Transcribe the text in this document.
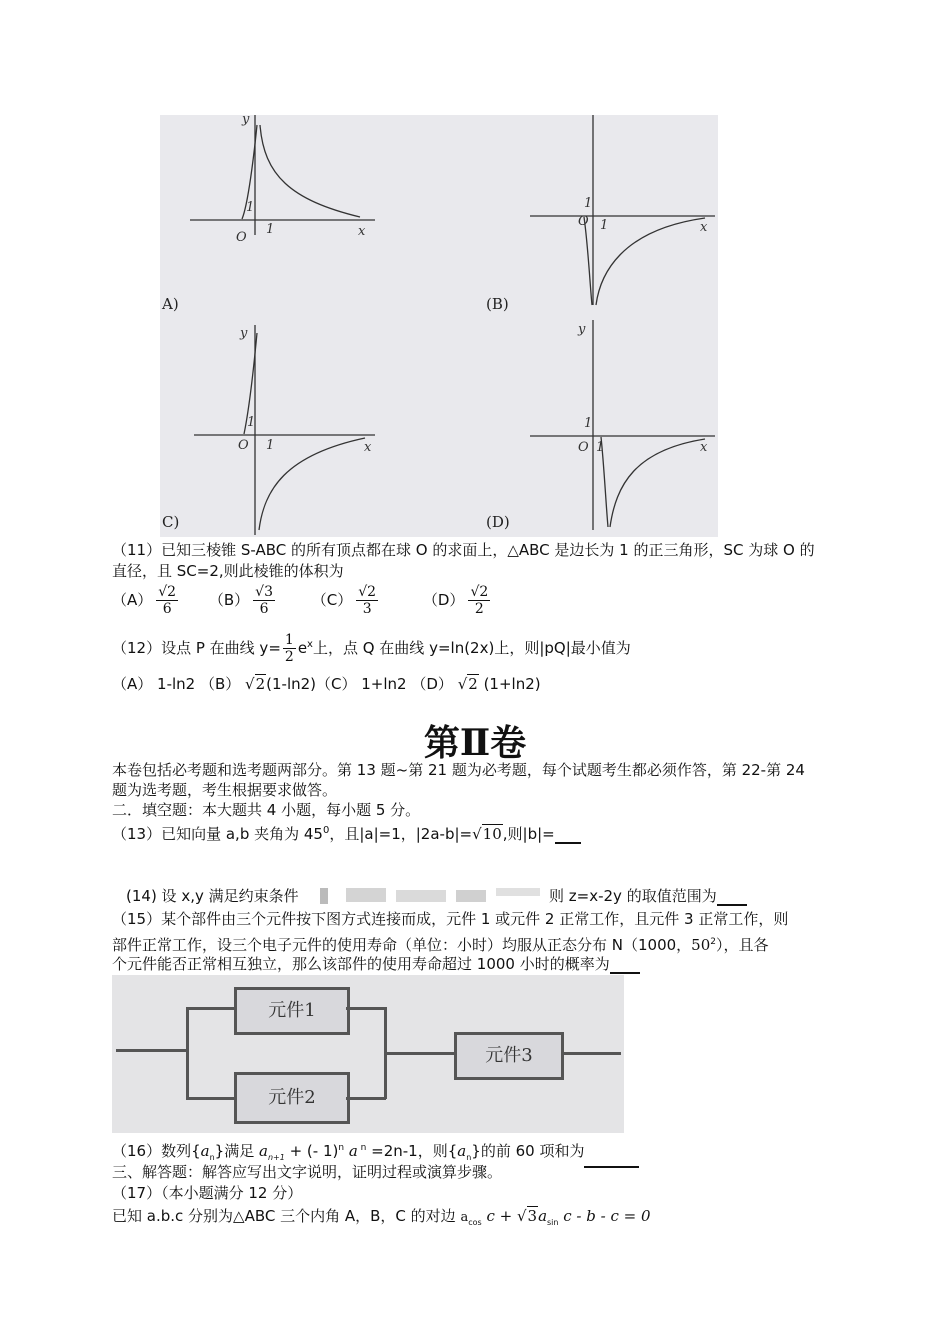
O
1
1
x
y
O 1
1
x
O 1
1
x
y
O 1
1
x
y
A)	(B)
C)	(D)
（11）已知三棱锥 S-ABC 的所有顶点都在球 O 的求面上，△ABC 是边长为 1 的正三角形，SC 为球 O 的
直径，且 SC=2,则此棱锥的体积为
$(A) \frac{√2}{6} (B) \frac{√3}{6} (C) \frac{√2}{3}$	$(D) \frac{√2}{2}$
（12）设点 P 在曲线 $y= \frac{1}{2} e^x$上，点 Q 在曲线 y=ln(2x)上，则|pQ|最小值为
（A） 1-ln2 （B） √2(1-ln2)（C） 1+ln2 （D） √2 (1+ln2)
第Ⅱ卷
本卷包括必考题和选考题两部分。第 13 题~第 21 题为必考题，每个试题考生都必须作答，第 22-第 24
题为选考题，考生根据要求做答。
二．填空题：本大题共 4 小题，每小题 5 分。
（13）已知向量 a,b 夹角为 $45^0$，且|a|=1，|2a-b|=√10,则|b|=
(14) 设 x,y 满足约束条件	则 z=x-2y 的取值范围为
（15）某个部件由三个元件按下图方式连接而成，元件 1 或元件 2 正常工作，且元件 3 正常工作，则
部件正常工作，设三个电子元件的使用寿命（单位：小时）均服从正态分布 N（1000，$50^2$），且各
个元件能否正常相互独立，那么该部件的使用寿命超过 1000 小时的概率为
元件1
元件2
元件3
（16）数列$\{a_n\}$满足 $a_{n+1}$ + (- 1)$^n$ a $^n$ =2n-1，则$\{a_n\}$的前 60 项和为
三、解答题：解答应写出文字说明，证明过程或演算步骤。
（17）（本小题满分 12 分）
已知 a.b.c 分别为△ABC 三个内角 A，B，C 的对边 $a_{cos}$ $c + √3a_{sin}$ c - b - c = 0
